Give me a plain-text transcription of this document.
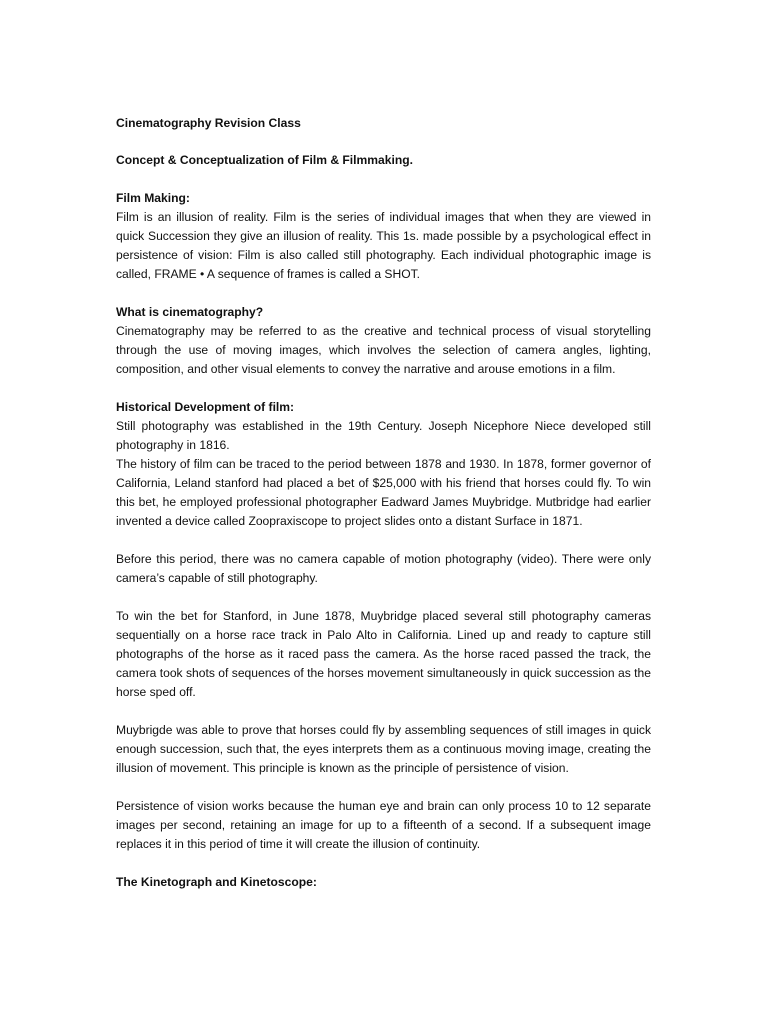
Cinematography Revision Class

Concept & Conceptualization of Film & Filmmaking.

Film Making:

Film is an illusion of reality. Film is the series of individual images that when they are viewed in quick Succession they give an illusion of reality. This 1s. made possible by a psychological effect in persistence of vision: Film is also called still photography. Each individual photographic image is called, FRAME • A sequence of frames is called a SHOT.

What is cinematography?

Cinematography may be referred to as the creative and technical process of visual storytelling through the use of moving images, which involves the selection of camera angles, lighting, composition, and other visual elements to convey the narrative and arouse emotions in a film.

Historical Development of film:

Still photography was established in the 19th Century. Joseph Nicephore Niece developed still photography in 1816.

The history of film can be traced to the period between 1878 and 1930. In 1878, former governor of California, Leland stanford had placed a bet of $25,000 with his friend that horses could fly. To win this bet, he employed professional photographer Eadward James Muybridge. Mutbridge had earlier invented a device called Zoopraxiscope to project slides onto a distant Surface in 1871.

Before this period, there was no camera capable of motion photography (video). There were only camera’s capable of still photography.

To win the bet for Stanford, in June 1878, Muybridge placed several still photography cameras sequentially on a horse race track in Palo Alto in California. Lined up and ready to capture still photographs of the horse as it raced pass the camera. As the horse raced passed the track, the camera took shots of sequences of the horses movement simultaneously in quick succession as the horse sped off.

Muybrigde was able to prove that horses could fly by assembling sequences of still images in quick enough succession, such that, the eyes interprets them as a continuous moving image, creating the illusion of movement. This principle is known as the principle of persistence of vision.

Persistence of vision works because the human eye and brain can only process 10 to 12 separate images per second, retaining an image for up to a fifteenth of a second. If a subsequent image replaces it in this period of time it will create the illusion of continuity.

The Kinetograph and Kinetoscope:
